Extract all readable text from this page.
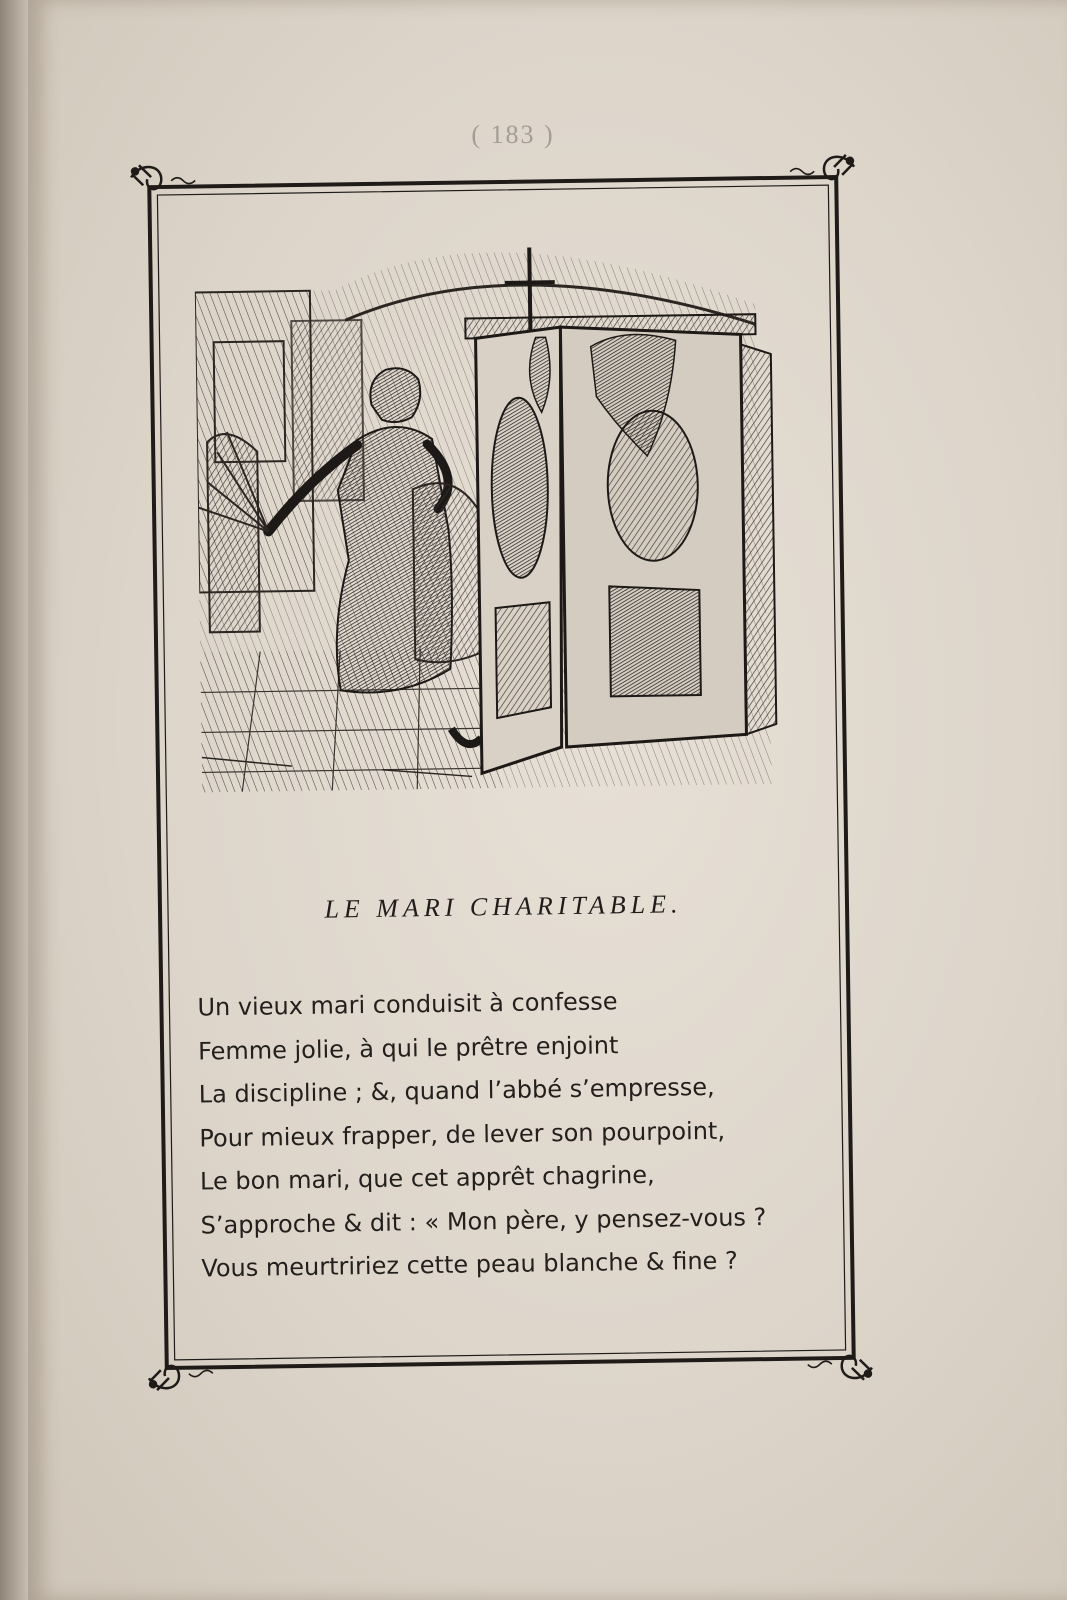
( 183 )
LE MARI CHARITABLE.
Un vieux mari conduisit à confesse
Femme jolie, à qui le prêtre enjoint
La discipline ; &, quand l’abbé s’empresse,
Pour mieux frapper, de lever son pourpoint,
Le bon mari, que cet apprêt chagrine,
S’approche & dit : « Mon père, y pensez-vous ?
Vous meurtririez cette peau blanche & fine ?
